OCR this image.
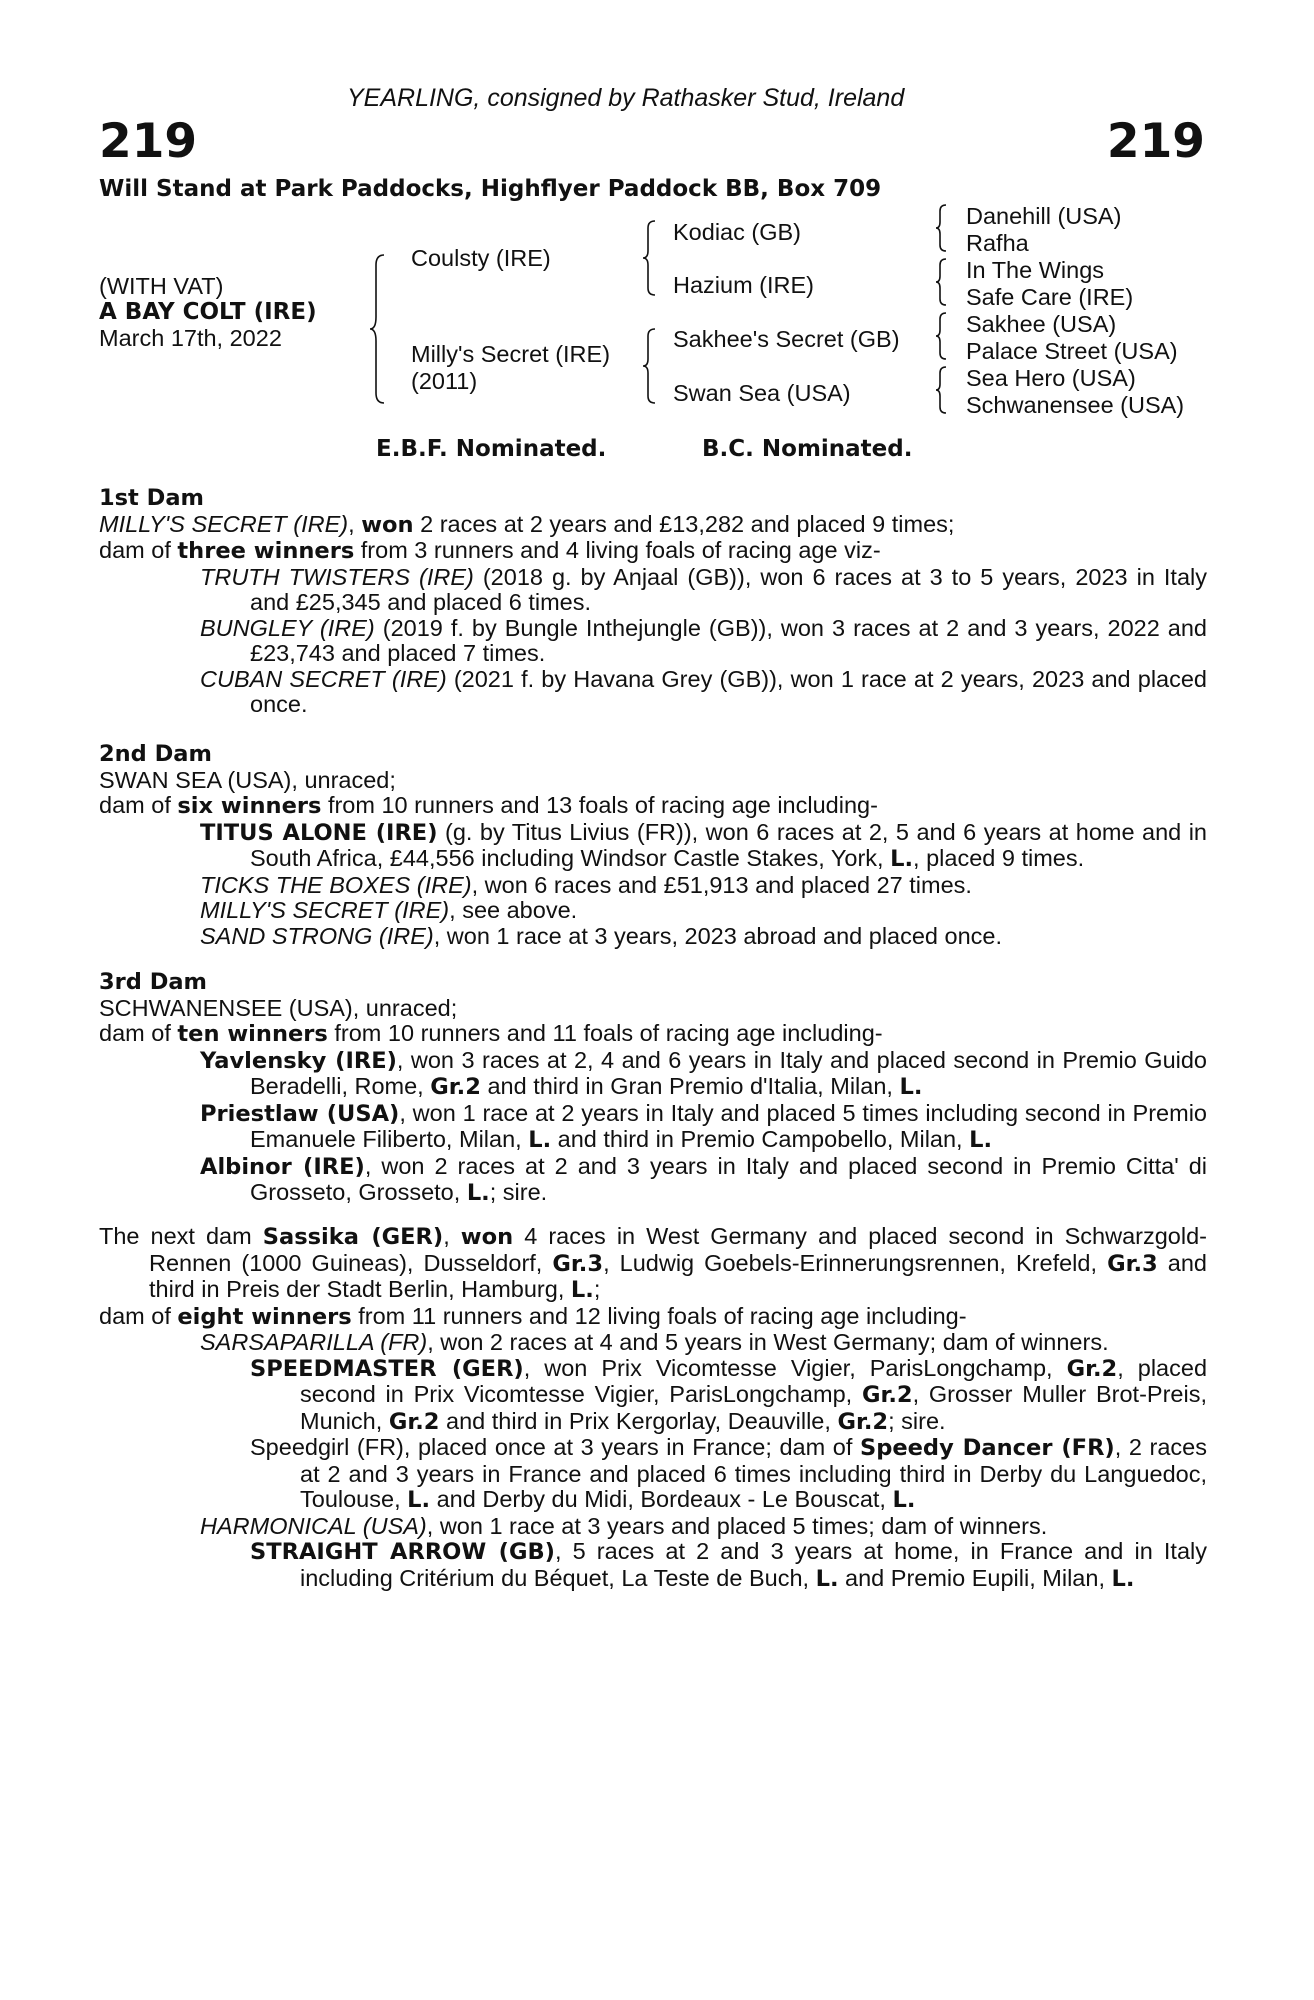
YEARLING, consigned by Rathasker Stud, Ireland
219	219
Will Stand at Park Paddocks, Highflyer Paddock BB, Box 709
(WITH VAT)
A BAY COLT (IRE)
March 17th, 2022
Coulsty (IRE)
Milly's Secret (IRE)
(2011)
Kodiac (GB)
Hazium (IRE)
Sakhee's Secret (GB)
Swan Sea (USA)
Danehill (USA)
Rafha
In The Wings
Safe Care (IRE)
Sakhee (USA)
Palace Street (USA)
Sea Hero (USA)
Schwanensee (USA)
E.B.F. Nominated.	B.C. Nominated.
1st Dam
MILLY'S SECRET (IRE), won 2 races at 2 years and £13,282 and placed 9 times;
dam of three winners from 3 runners and 4 living foals of racing age viz-
TRUTH TWISTERS (IRE) (2018 g. by Anjaal (GB)), won 6 races at 3 to 5 years, 2023 in Italy and £25,345 and placed 6 times.
BUNGLEY (IRE) (2019 f. by Bungle Inthejungle (GB)), won 3 races at 2 and 3 years, 2022 and £23,743 and placed 7 times.
CUBAN SECRET (IRE) (2021 f. by Havana Grey (GB)), won 1 race at 2 years, 2023 and placed once.
2nd Dam
SWAN SEA (USA), unraced;
dam of six winners from 10 runners and 13 foals of racing age including-
TITUS ALONE (IRE) (g. by Titus Livius (FR)), won 6 races at 2, 5 and 6 years at home and in South Africa, £44,556 including Windsor Castle Stakes, York, L., placed 9 times.
TICKS THE BOXES (IRE), won 6 races and £51,913 and placed 27 times.
MILLY'S SECRET (IRE), see above.
SAND STRONG (IRE), won 1 race at 3 years, 2023 abroad and placed once.
3rd Dam
SCHWANENSEE (USA), unraced;
dam of ten winners from 10 runners and 11 foals of racing age including-
Yavlensky (IRE), won 3 races at 2, 4 and 6 years in Italy and placed second in Premio Guido Beradelli, Rome, Gr.2 and third in Gran Premio d'Italia, Milan, L.
Priestlaw (USA), won 1 race at 2 years in Italy and placed 5 times including second in Premio Emanuele Filiberto, Milan, L. and third in Premio Campobello, Milan, L.
Albinor (IRE), won 2 races at 2 and 3 years in Italy and placed second in Premio Citta' di Grosseto, Grosseto, L.; sire.
The next dam Sassika (GER), won 4 races in West Germany and placed second in Schwarzgold-Rennen (1000 Guineas), Dusseldorf, Gr.3, Ludwig Goebels-Erinnerungsrennen, Krefeld, Gr.3 and third in Preis der Stadt Berlin, Hamburg, L.;
dam of eight winners from 11 runners and 12 living foals of racing age including-
SARSAPARILLA (FR), won 2 races at 4 and 5 years in West Germany; dam of winners.
SPEEDMASTER (GER), won Prix Vicomtesse Vigier, ParisLongchamp, Gr.2, placed second in Prix Vicomtesse Vigier, ParisLongchamp, Gr.2, Grosser Muller Brot-Preis, Munich, Gr.2 and third in Prix Kergorlay, Deauville, Gr.2; sire.
Speedgirl (FR), placed once at 3 years in France; dam of Speedy Dancer (FR), 2 races at 2 and 3 years in France and placed 6 times including third in Derby du Languedoc, Toulouse, L. and Derby du Midi, Bordeaux - Le Bouscat, L.
HARMONICAL (USA), won 1 race at 3 years and placed 5 times; dam of winners.
STRAIGHT ARROW (GB), 5 races at 2 and 3 years at home, in France and in Italy including Critérium du Béquet, La Teste de Buch, L. and Premio Eupili, Milan, L.
